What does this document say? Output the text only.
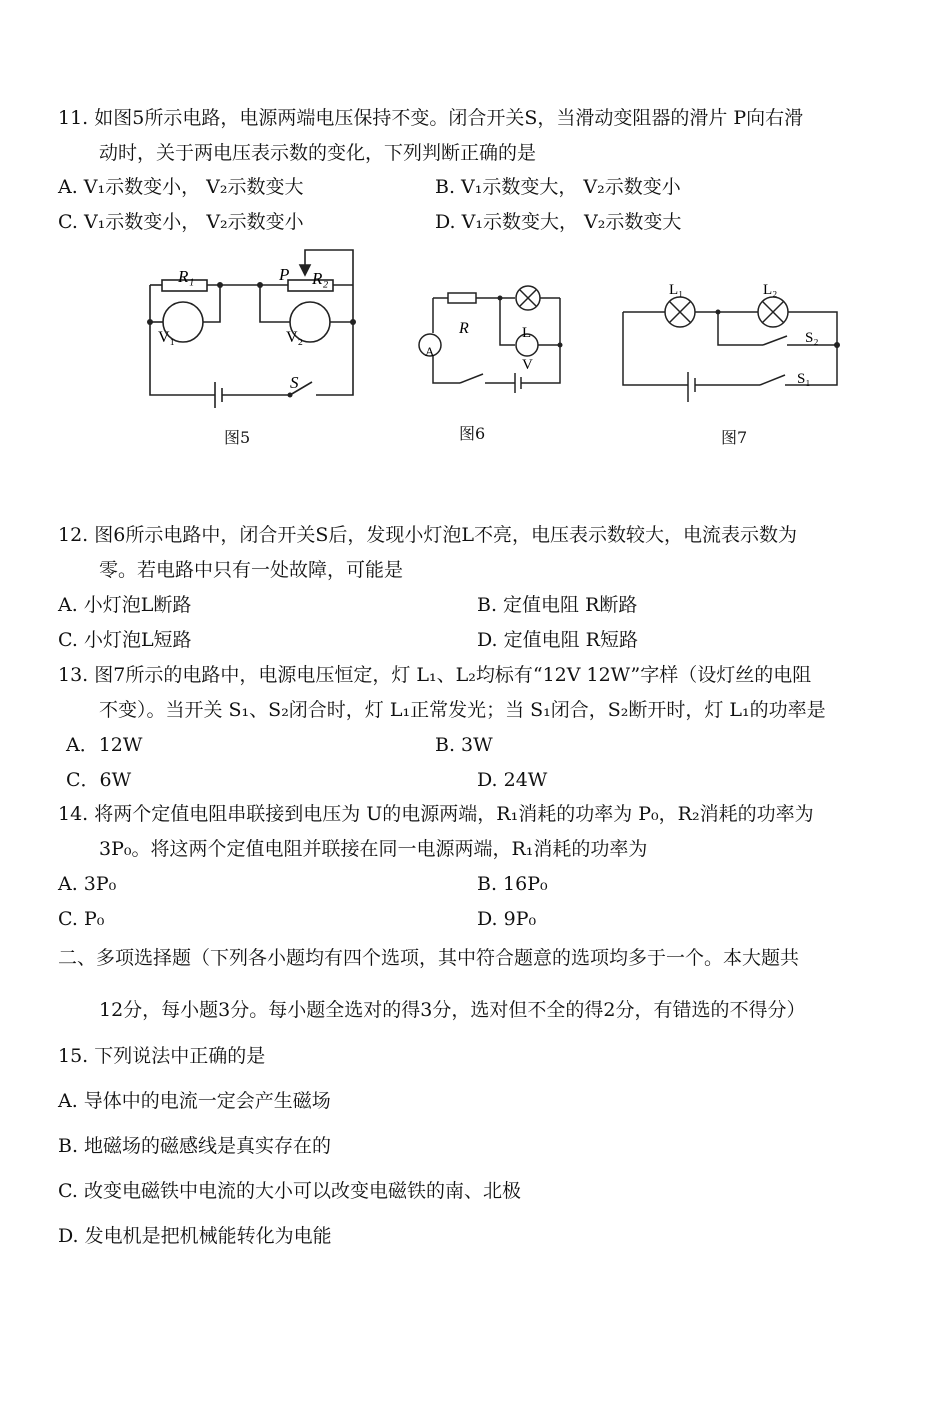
11. 如图5所示电路，电源两端电压保持不变。闭合开关S，当滑动变阻器的滑片 P向右滑
动时，关于两电压表示数的变化，下列判断正确的是
A. V₁示数变小， V₂示数变大	B. V₁示数变大， V₂示数变小
C. V₁示数变小， V₂示数变小	D. V₁示数变大， V₂示数变大
R₁	P R₂
V₁	V₂
S
图5
R	L
A
V
图6
L₁	L₂
S₂
S₁
图7
12. 图6所示电路中，闭合开关S后，发现小灯泡L不亮，电压表示数较大，电流表示数为
零。若电路中只有一处故障，可能是
A. 小灯泡L断路	B. 定值电阻 R断路
C. 小灯泡L短路	D. 定值电阻 R短路
13. 图7所示的电路中，电源电压恒定，灯 L₁、L₂均标有“12V 12W”字样（设灯丝的电阻
不变）。当开关 S₁、S₂闭合时，灯 L₁正常发光；当 S₁闭合，S₂断开时，灯 L₁的功率是
A．12W	B. 3W
C．6W	D. 24W
14. 将两个定值电阻串联接到电压为 U的电源两端，R₁消耗的功率为 P₀，R₂消耗的功率为
3P₀。将这两个定值电阻并联接在同一电源两端，R₁消耗的功率为
A. 3P₀	B. 16P₀
C. P₀	D. 9P₀
二、多项选择题（下列各小题均有四个选项，其中符合题意的选项均多于一个。本大题共
12分，每小题3分。每小题全选对的得3分，选对但不全的得2分，有错选的不得分）
15. 下列说法中正确的是
A. 导体中的电流一定会产生磁场
B. 地磁场的磁感线是真实存在的
C. 改变电磁铁中电流的大小可以改变电磁铁的南、北极
D. 发电机是把机械能转化为电能
